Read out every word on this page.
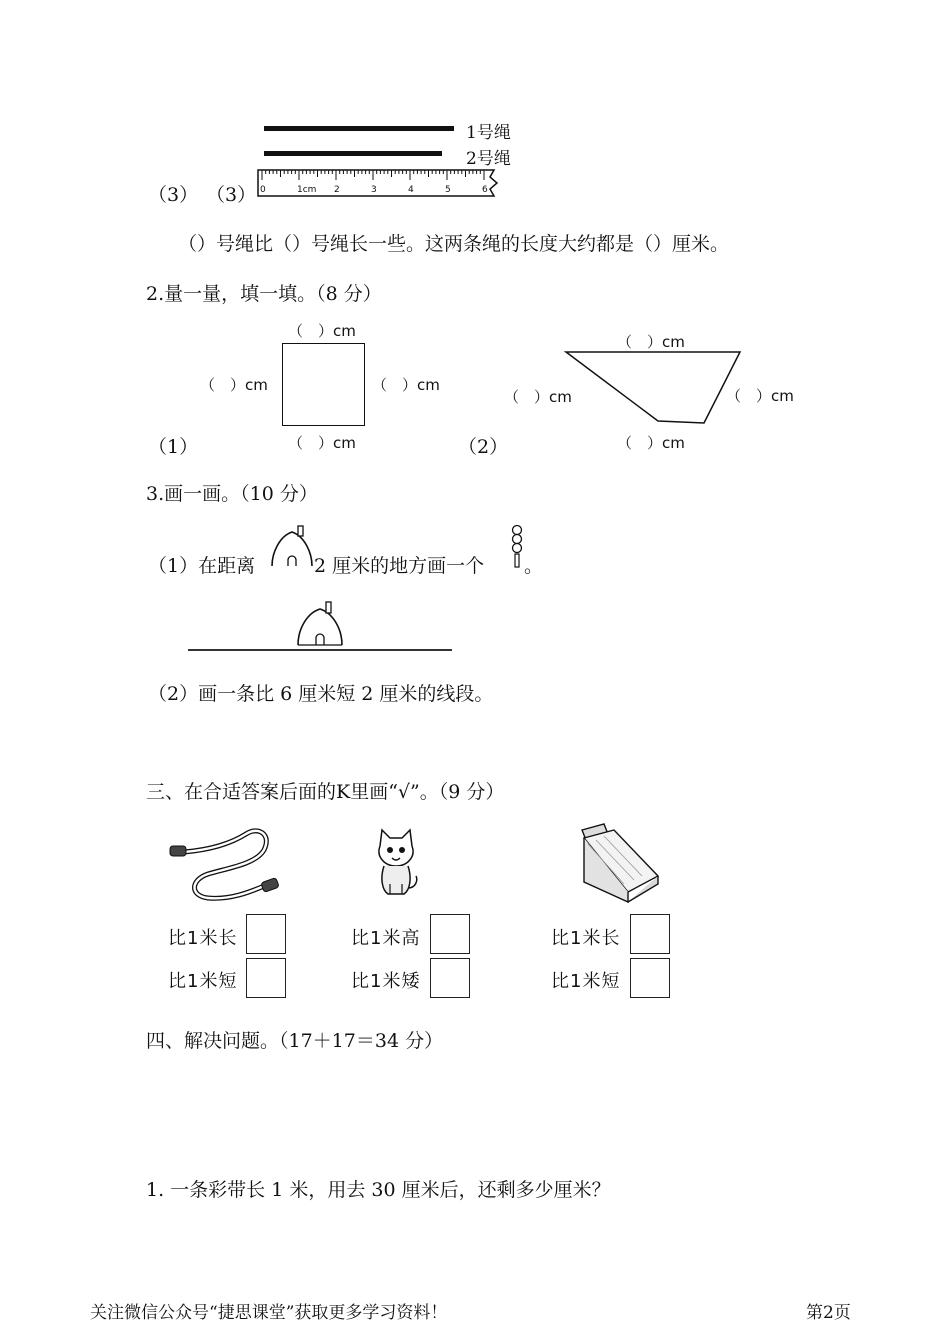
1号绳
2号绳
0	1cm 2	3	4	5	6
（3） （3）
（）号绳比（）号绳长一些。这两条绳的长度大约都是（）厘米。
2.量一量，填一填。（8 分）
（　）cm
（　）cm	（　）cm
（　）cm
（1）
（　）cm
（　）cm	（　）cm
（　）cm
（2）
3.画一画。（10 分）
（1）在距离	2 厘米的地方画一个 。
（2）画一条比 6 厘米短 2 厘米的线段。
三、在合适答案后面的K里画“√”。（9 分）
比1米长
比1米短
比1米高
比1米矮
比1米长
比1米短
四、解决问题。（17＋17＝34 分）
1. 一条彩带长 1 米，用去 30 厘米后，还剩多少厘米？
关注微信公众号“捷思课堂”获取更多学习资料！	第2页
